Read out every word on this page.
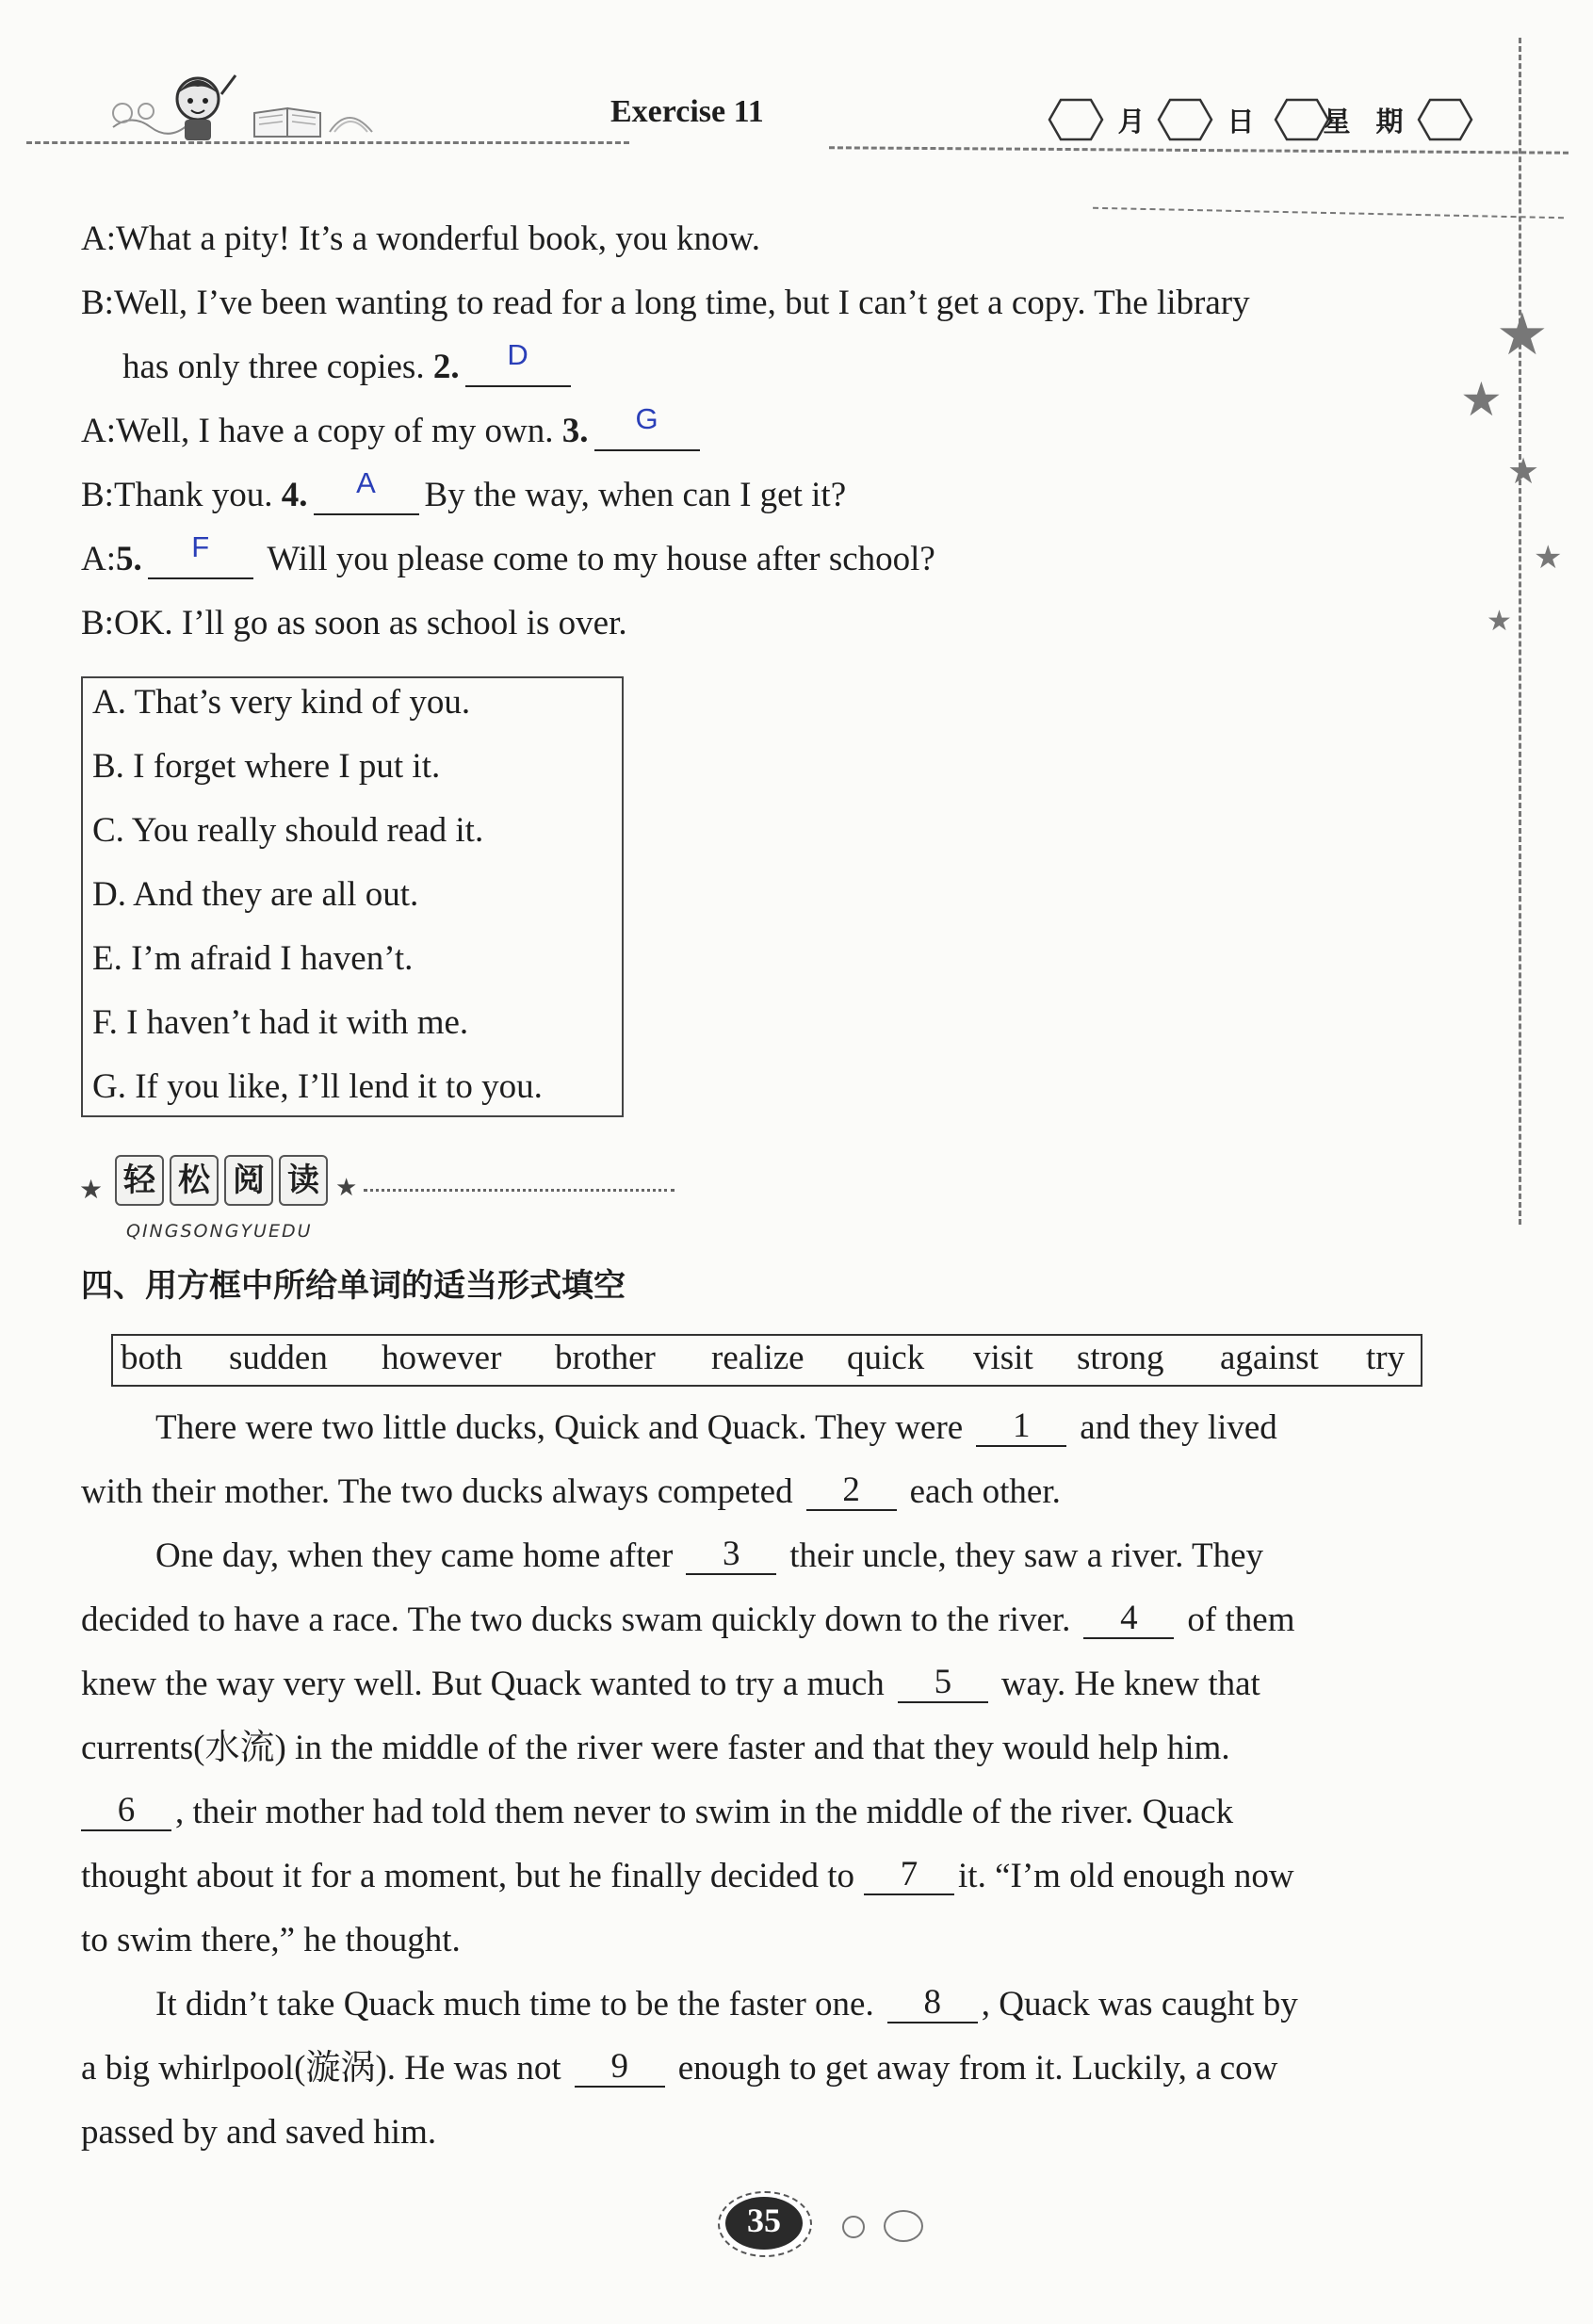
Exercise 11	月	日	星 期
★
★
★
★
★
A:What a pity! It’s a wonderful book, you know.
B:Well, I’ve been wanting to read for a long time, but I can’t get a copy. The library
has only three copies. 2. $^D$
A:Well, I have a copy of my own. 3. $^G$
B:Thank you. 4. $^A$ By the way, when can I get it?
A:5. $^F$ Will you please come to my house after school?
B:OK. I’ll go as soon as school is over.
A. That’s very kind of you.
B. I forget where I put it.
C. You really should read it.
D. And they are all out.
E. I’m afraid I haven’t.
F. I haven’t had it with me.
G. If you like, I’ll lend it to you.
★ 轻 松 阅 读 ★
QINGSONGYUEDU
四、用方框中所给单词的适当形式填空
both sudden however brother realize quick visit strong against try
There were two little ducks, Quick and Quack. They were 1 and they lived
with their mother. The two ducks always competed 2 each other.
One day, when they came home after 3 their uncle, they saw a river. They
decided to have a race. The two ducks swam quickly down to the river. 4 of them
knew the way very well. But Quack wanted to try a much 5 way. He knew that
currents(水流) in the middle of the river were faster and that they would help him.
6 , their mother had told them never to swim in the middle of the river. Quack
thought about it for a moment, but he finally decided to 7 it. “I’m old enough now
to swim there,” he thought.
It didn’t take Quack much time to be the faster one. 8 , Quack was caught by
a big whirlpool(漩涡). He was not 9 enough to get away from it. Luckily, a cow
passed by and saved him.
35
